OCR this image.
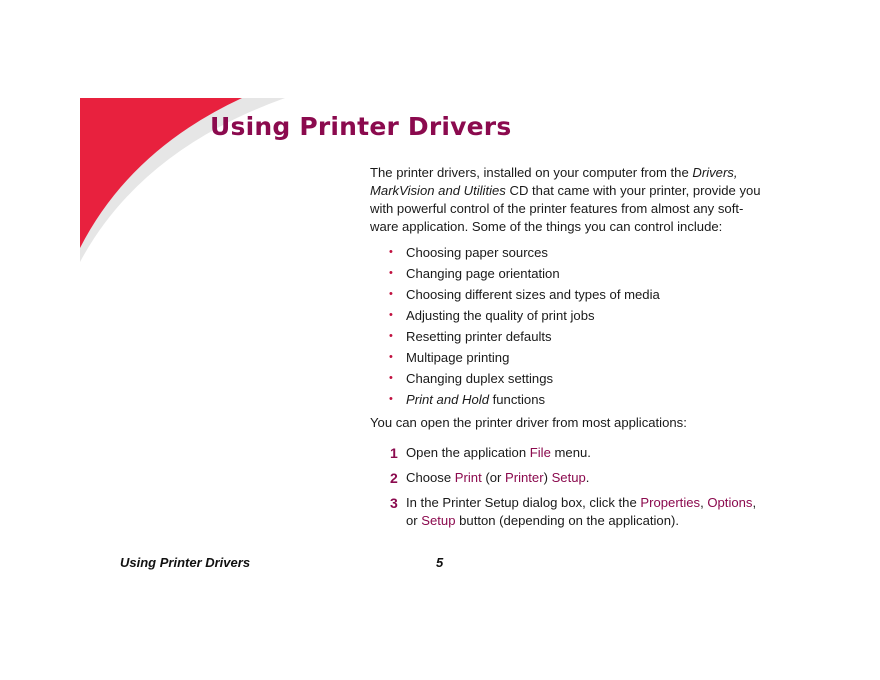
Using Printer Drivers

The printer drivers, installed on your computer from the Drivers, MarkVision and Utilities CD that came with your printer, provide you with powerful control of the printer features from almost any soft-ware application. Some of the things you can control include:

• Choosing paper sources
• Changing page orientation
• Choosing different sizes and types of media
• Adjusting the quality of print jobs
• Resetting printer defaults
• Multipage printing
• Changing duplex settings
• Print and Hold functions

You can open the printer driver from most applications:

1 Open the application File menu.
2 Choose Print (or Printer) Setup.
3 In the Printer Setup dialog box, click the Properties, Options, or Setup button (depending on the application).

Using Printer Drivers	5
